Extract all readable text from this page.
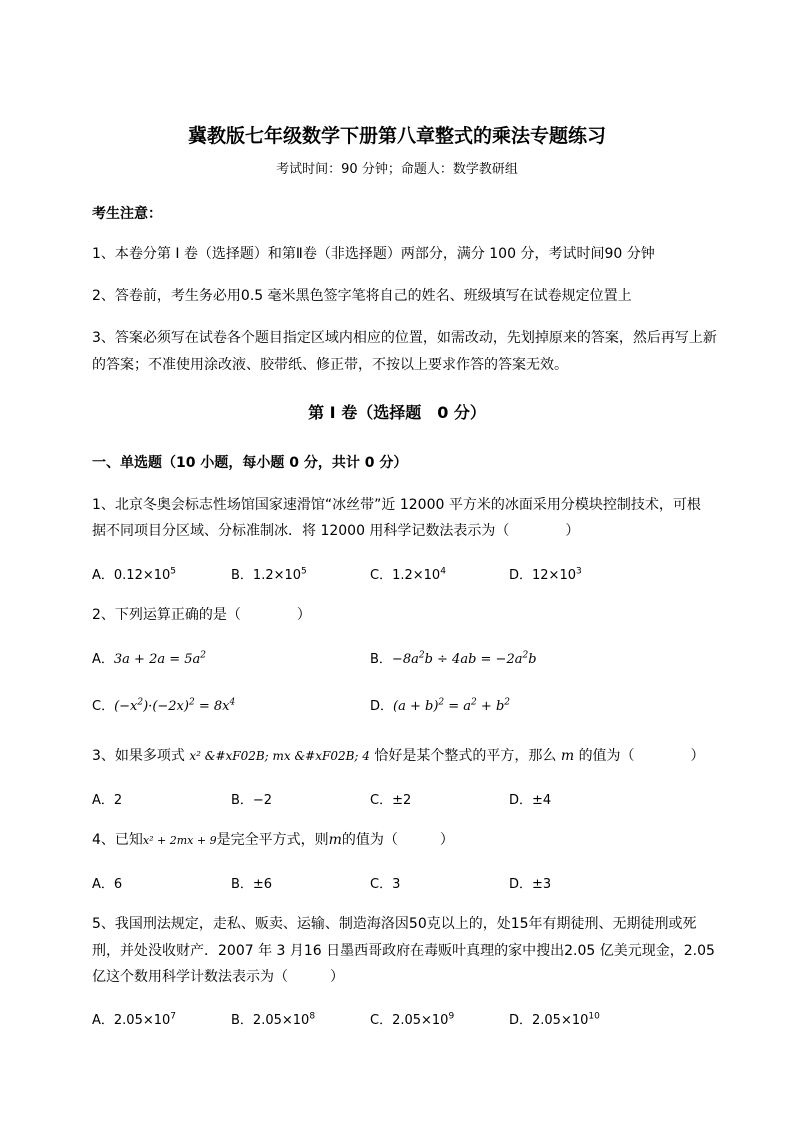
冀教版七年级数学下册第八章整式的乘法专题练习
考试时间：90 分钟；命题人：数学教研组
考生注意：
1、本卷分第 I 卷（选择题）和第Ⅱ卷（非选择题）两部分，满分 100 分，考试时间90 分钟
2、答卷前，考生务必用0.5 毫米黑色签字笔将自己的姓名、班级填写在试卷规定位置上
3、答案必须写在试卷各个题目指定区域内相应的位置，如需改动，先划掉原来的答案，然后再写上新
的答案；不准使用涂改液、胶带纸、修正带，不按以上要求作答的答案无效。
第 I 卷（选择题　0 分）
一、单选题（10 小题，每小题 0 分，共计 0 分）
1、北京冬奥会标志性场馆国家速滑馆“冰丝带”近 12000 平方米的冰面采用分模块控制技术，可根
据不同项目分区域、分标准制冰．将 12000 用科学记数法表示为（　　　　）
A．$0.12\times 10^5$	B．$1.2\times 10^5$	C．$1.2\times 10^4$	D．$12\times 10^3$
2、下列运算正确的是（　　　　）
A．$3a + 2a = 5a^2$	B．$-8a^2b \div 4ab = -2a^2b$
C．$(-x^2)\cdot(-2x)^2 = 8x^4$	D．$(a + b)^2 = a^2 + b^2$
3、如果多项式 x² &#xF02B; mx &#xF02B; 4 恰好是某个整式的平方，那么 m 的值为（　　　　）
A．2	B．−2	C．±2	D．±4
4、已知x² + 2mx + 9是完全平方式，则m的值为（　　　）
A．6	B．±6	C．3	D．±3
5、我国刑法规定，走私、贩卖、运输、制造海洛因50克以上的，处15年有期徒刑、无期徒刑或死
刑，并处没收财产．2007 年 3 月16 日墨西哥政府在毒贩叶真理的家中搜出2.05 亿美元现金，2.05
亿这个数用科学计数法表示为（　　　）
A．$2.05\times 10^7$	B．$2.05\times 10^8$	C．$2.05\times 10^9$	D．$2.05\times 10^{10}$
